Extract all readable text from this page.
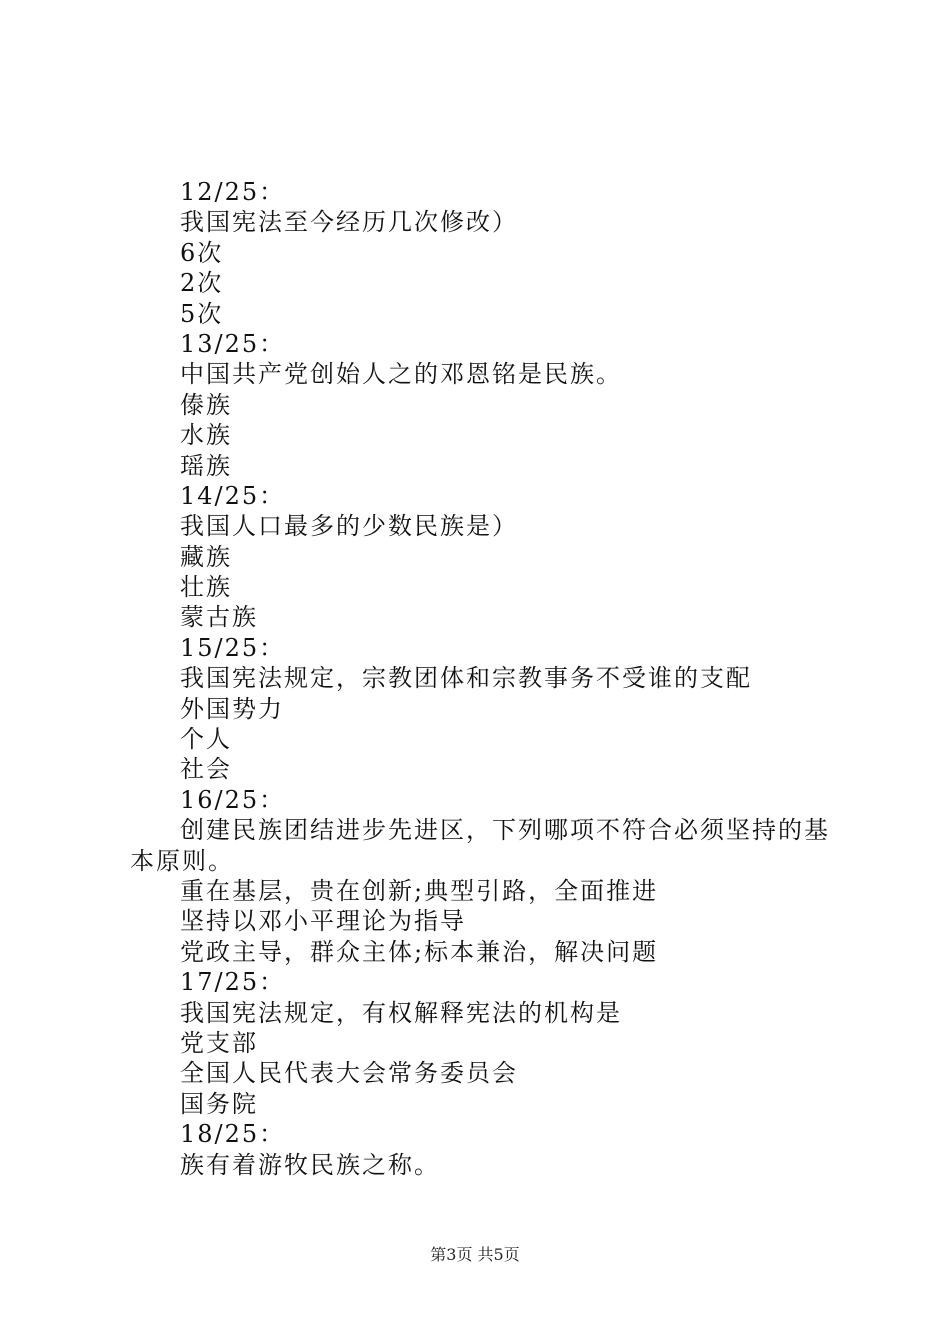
12/25：
我国宪法至今经历几次修改）
6次
2次
5次
13/25：
中国共产党创始人之的邓恩铭是民族。
傣族
水族
瑶族
14/25：
我国人口最多的少数民族是）
藏族
壮族
蒙古族
15/25：
我国宪法规定，宗教团体和宗教事务不受谁的支配
外国势力
个人
社会
16/25：
创建民族团结进步先进区，下列哪项不符合必须坚持的基本原则。
重在基层，贵在创新;典型引路，全面推进
坚持以邓小平理论为指导
党政主导，群众主体;标本兼治，解决问题
17/25：
我国宪法规定，有权解释宪法的机构是
党支部
全国人民代表大会常务委员会
国务院
18/25：
族有着游牧民族之称。
第3页 共5页
